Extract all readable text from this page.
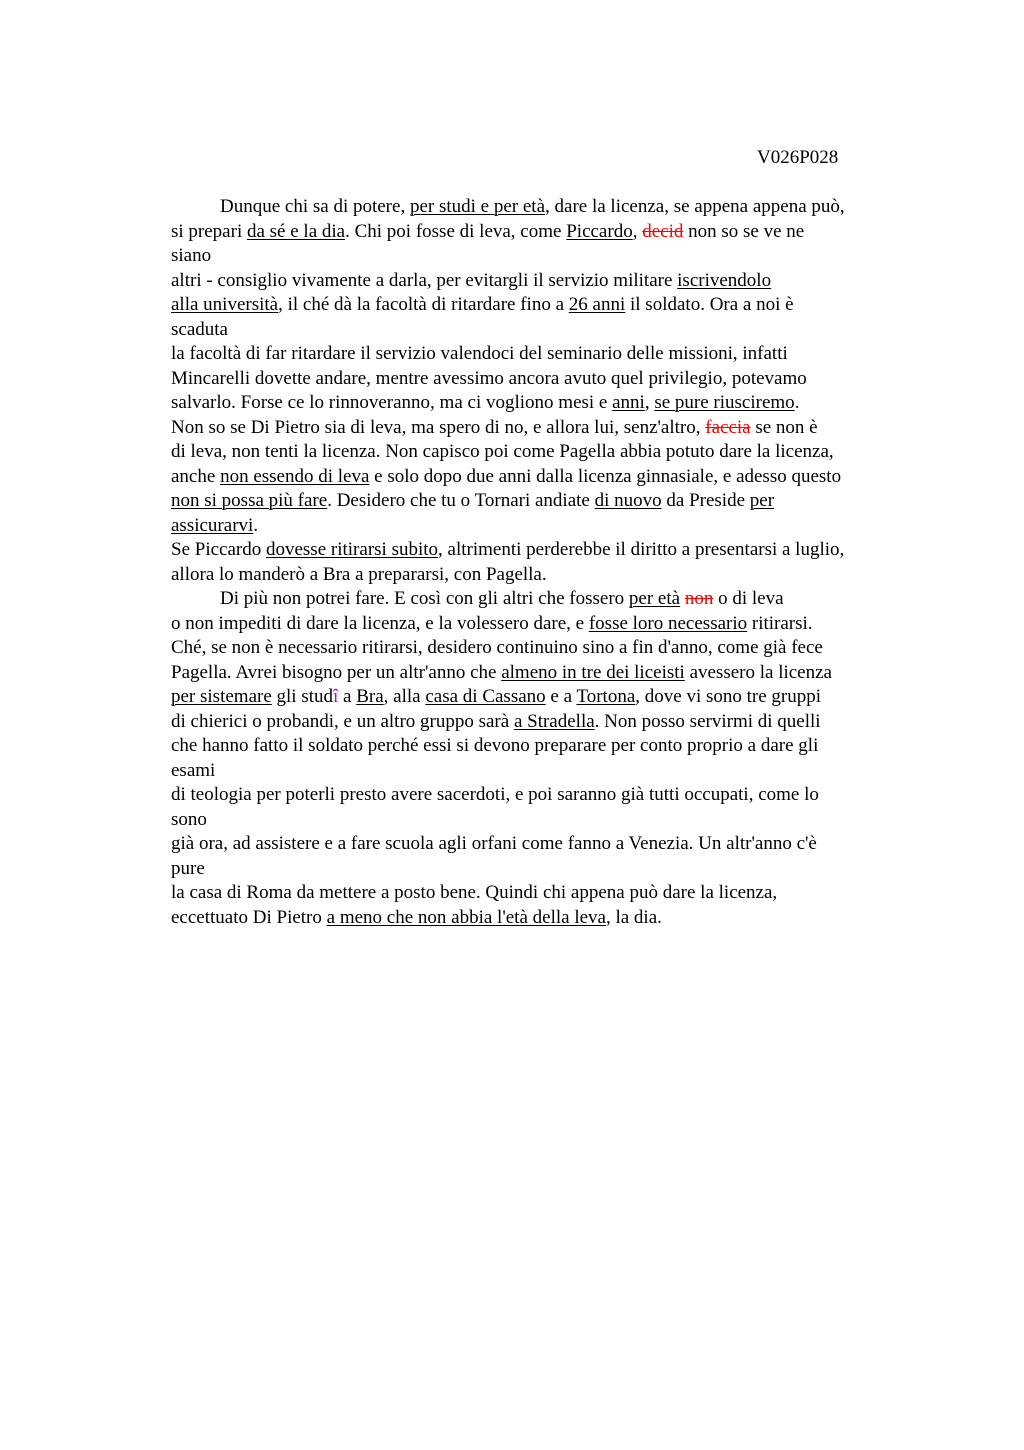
V026P028
Dunque chi sa di potere, per studi e per età, dare la licenza, se appena appena può,
si prepari da sé e la dia. Chi poi fosse di leva, come Piccardo, decid non so se ve ne
siano
altri - consiglio vivamente a darla, per evitargli il servizio militare iscrivendolo
alla università, il ché dà la facoltà di ritardare fino a 26 anni il soldato. Ora a noi è
scaduta
la facoltà di far ritardare il servizio valendoci del seminario delle missioni, infatti
Mincarelli dovette andare, mentre avessimo ancora avuto quel privilegio, potevamo
salvarlo. Forse ce lo rinnoveranno, ma ci vogliono mesi e anni, se pure riusciremo.
Non so se Di Pietro sia di leva, ma spero di no, e allora lui, senz'altro, faccia se non è
di leva, non tenti la licenza. Non capisco poi come Pagella abbia potuto dare la licenza,
anche non essendo di leva e solo dopo due anni dalla licenza ginnasiale, e adesso questo
non si possa più fare. Desidero che tu o Tornari andiate di nuovo da Preside per
assicurarvi.
Se Piccardo dovesse ritirarsi subito, altrimenti perderebbe il diritto a presentarsi a luglio,
allora lo manderò a Bra a prepararsi, con Pagella.
Di più non potrei fare. E così con gli altri che fossero per età non o di leva
o non impediti di dare la licenza, e la volessero dare, e fosse loro necessario ritirarsi.
Ché, se non è necessario ritirarsi, desidero continuino sino a fin d'anno, come già fece
Pagella. Avrei bisogno per un altr'anno che almeno in tre dei liceisti avessero la licenza
per sistemare gli studî a Bra, alla casa di Cassano e a Tortona, dove vi sono tre gruppi
di chierici o probandi, e un altro gruppo sarà a Stradella. Non posso servirmi di quelli
che hanno fatto il soldato perché essi si devono preparare per conto proprio a dare gli
esami
di teologia per poterli presto avere sacerdoti, e poi saranno già tutti occupati, come lo
sono
già ora, ad assistere e a fare scuola agli orfani come fanno a Venezia. Un altr'anno c'è
pure
la casa di Roma da mettere a posto bene. Quindi chi appena può dare la licenza,
eccettuato Di Pietro a meno che non abbia l'età della leva, la dia.
